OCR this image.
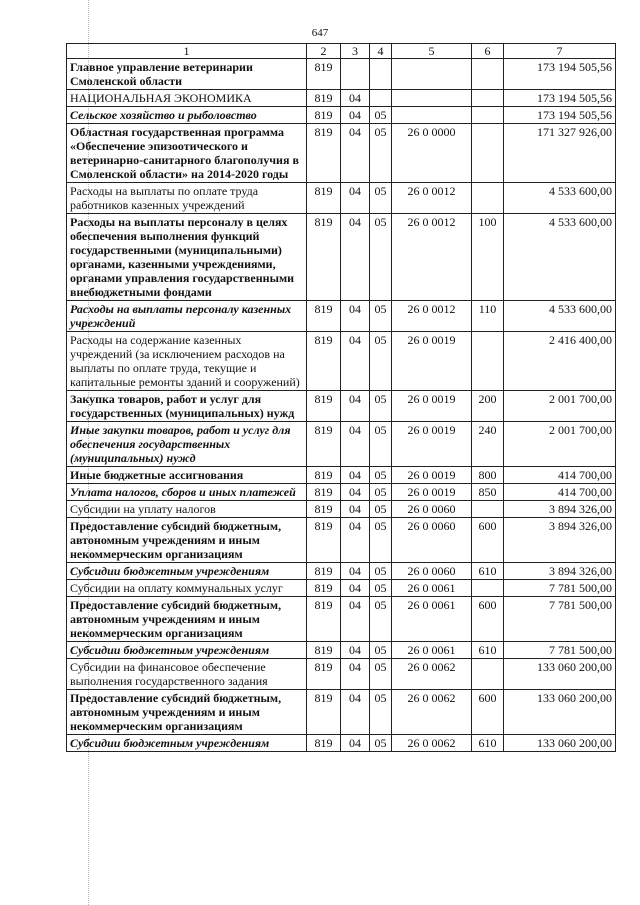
647
1	2	3	4	5	6	7
Главное управление ветеринарии Смоленской области	819					173 194 505,56
НАЦИОНАЛЬНАЯ ЭКОНОМИКА	819	04				173 194 505,56
Сельское хозяйство и рыболовство	819	04	05			173 194 505,56
Областная государственная программа «Обеспечение эпизоотического и ветеринарно-санитарного благополучия в Смоленской области» на 2014-2020 годы	819	04	05	26 0 0000		171 327 926,00
Расходы на выплаты по оплате труда работников казенных учреждений	819	04	05	26 0 0012		4 533 600,00
Расходы на выплаты персоналу в целях обеспечения выполнения функций государственными (муниципальными) органами, казенными учреждениями, органами управления государственными внебюджетными фондами	819	04	05	26 0 0012	100	4 533 600,00
Расходы на выплаты персоналу казенных учреждений	819	04	05	26 0 0012	110	4 533 600,00
Расходы на содержание казенных учреждений (за исключением расходов на выплаты по оплате труда, текущие и капитальные ремонты зданий и сооружений)	819	04	05	26 0 0019		2 416 400,00
Закупка товаров, работ и услуг для государственных (муниципальных) нужд	819	04	05	26 0 0019	200	2 001 700,00
Иные закупки товаров, работ и услуг для обеспечения государственных (муниципальных) нужд	819	04	05	26 0 0019	240	2 001 700,00
Иные бюджетные ассигнования	819	04	05	26 0 0019	800	414 700,00
Уплата налогов, сборов и иных платежей	819	04	05	26 0 0019	850	414 700,00
Субсидии на уплату налогов	819	04	05	26 0 0060		3 894 326,00
Предоставление субсидий бюджетным, автономным учреждениям и иным некоммерческим организациям	819	04	05	26 0 0060	600	3 894 326,00
Субсидии бюджетным учреждениям	819	04	05	26 0 0060	610	3 894 326,00
Субсидии на оплату коммунальных услуг	819	04	05	26 0 0061		7 781 500,00
Предоставление субсидий бюджетным, автономным учреждениям и иным некоммерческим организациям	819	04	05	26 0 0061	600	7 781 500,00
Субсидии бюджетным учреждениям	819	04	05	26 0 0061	610	7 781 500,00
Субсидии на финансовое обеспечение выполнения государственного задания	819	04	05	26 0 0062		133 060 200,00
Предоставление субсидий бюджетным, автономным учреждениям и иным некоммерческим организациям	819	04	05	26 0 0062	600	133 060 200,00
Субсидии бюджетным учреждениям	819	04	05	26 0 0062	610	133 060 200,00
